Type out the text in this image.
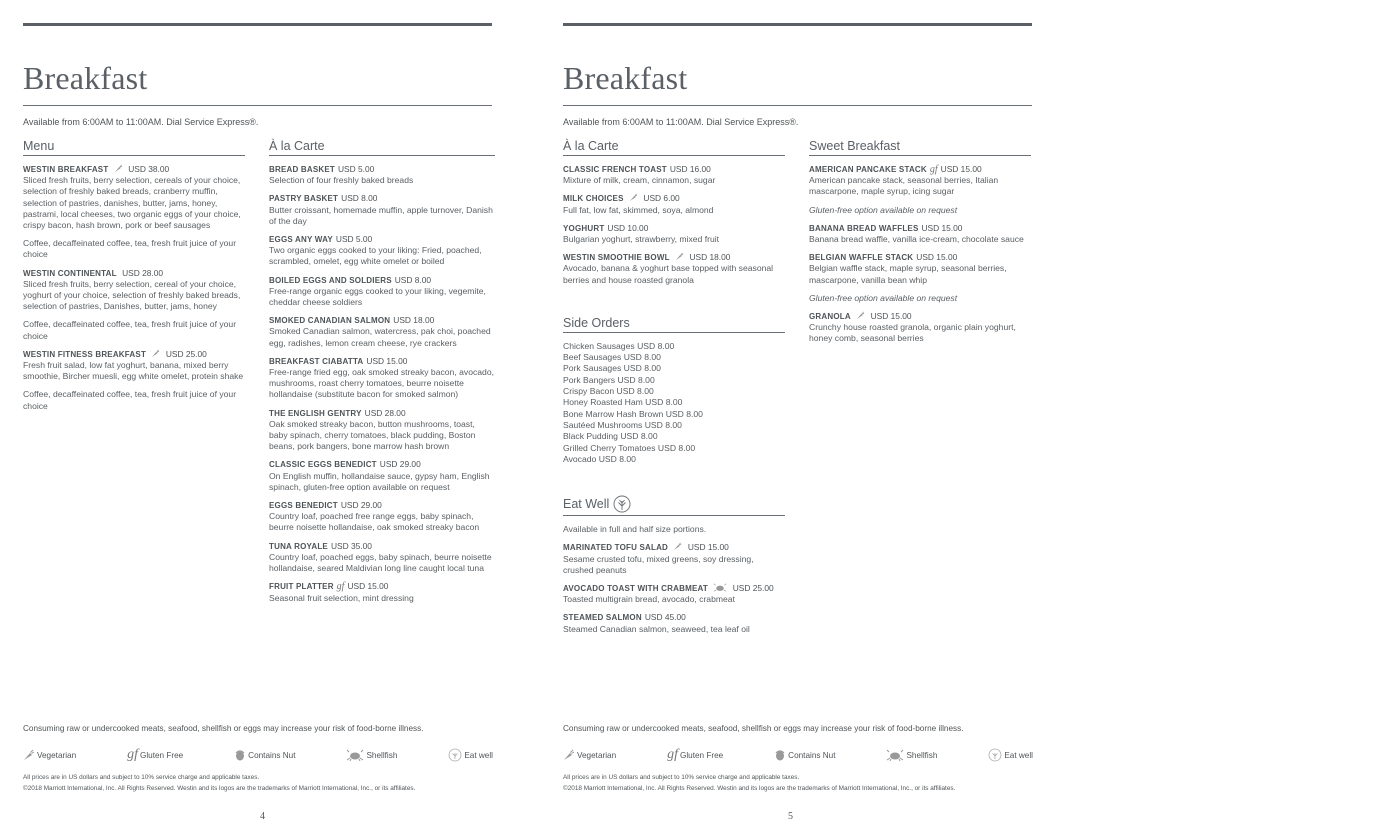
Breakfast
Available from 6:00AM to 11:00AM. Dial Service Express®.
Menu
WESTIN BREAKFAST USD 38.00
Sliced fresh fruits, berry selection, cereals of your choice, selection of freshly baked breads, cranberry muffin, selection of pastries, danishes, butter, jams, honey, pastrami, local cheeses, two organic eggs of your choice, crispy bacon, hash brown, pork or beef sausages
Coffee, decaffeinated coffee, tea, fresh fruit juice of your choice
WESTIN CONTINENTAL USD 28.00
Sliced fresh fruits, berry selection, cereal of your choice, yoghurt of your choice, selection of freshly baked breads, selection of pastries, Danishes, butter, jams, honey
Coffee, decaffeinated coffee, tea, fresh fruit juice of your choice
WESTIN FITNESS BREAKFAST USD 25.00
Fresh fruit salad, low fat yoghurt, banana, mixed berry smoothie, Bircher muesli, egg white omelet, protein shake
Coffee, decaffeinated coffee, tea, fresh fruit juice of your choice
À la Carte
BREAD BASKET USD 5.00
Selection of four freshly baked breads
PASTRY BASKET USD 8.00
Butter croissant, homemade muffin, apple turnover, Danish of the day
EGGS ANY WAY USD 5.00
Two organic eggs cooked to your liking: Fried, poached, scrambled, omelet, egg white omelet or boiled
BOILED EGGS AND SOLDIERS USD 8.00
Free-range organic eggs cooked to your liking, vegemite, cheddar cheese soldiers
SMOKED CANADIAN SALMON USD 18.00
Smoked Canadian salmon, watercress, pak choi, poached egg, radishes, lemon cream cheese, rye crackers
BREAKFAST CIABATTA USD 15.00
Free-range fried egg, oak smoked streaky bacon, avocado, mushrooms, roast cherry tomatoes, beurre noisette hollandaise (substitute bacon for smoked salmon)
THE ENGLISH GENTRY USD 28.00
Oak smoked streaky bacon, button mushrooms, toast, baby spinach, cherry tomatoes, black pudding, Boston beans, pork bangers, bone marrow hash brown
CLASSIC EGGS BENEDICT USD 29.00
On English muffin, hollandaise sauce, gypsy ham, English spinach, gluten-free option available on request
EGGS BENEDICT USD 29.00
Country loaf, poached free range eggs, baby spinach, beurre noisette hollandaise, oak smoked streaky bacon
TUNA ROYALE USD 35.00
Country loaf, poached eggs, baby spinach, beurre noisette hollandaise, seared Maldivian long line caught local tuna
FRUIT PLATTER gf USD 15.00
Seasonal fruit selection, mint dressing
Consuming raw or undercooked meats, seafood, shellfish or eggs may increase your risk of food-borne illness.
Vegetarian	gf Gluten Free	Contains Nut	Shellfish	Eat well
All prices are in US dollars and subject to 10% service charge and applicable taxes.
©2018 Marriott International, Inc. All Rights Reserved. Westin and its logos are the trademarks of Marriott International, Inc., or its affiliates.
4
Breakfast
Available from 6:00AM to 11:00AM. Dial Service Express®.
À la Carte
CLASSIC FRENCH TOAST USD 16.00
Mixture of milk, cream, cinnamon, sugar
MILK CHOICES USD 6.00
Full fat, low fat, skimmed, soya, almond
YOGHURT USD 10.00
Bulgarian yoghurt, strawberry, mixed fruit
WESTIN SMOOTHIE BOWL USD 18.00
Avocado, banana & yoghurt base topped with seasonal berries and house roasted granola
Side Orders
Chicken Sausages USD 8.00
Beef Sausages USD 8.00
Pork Sausages USD 8.00
Pork Bangers USD 8.00
Crispy Bacon USD 8.00
Honey Roasted Ham USD 8.00
Bone Marrow Hash Brown USD 8.00
Sautéed Mushrooms USD 8.00
Black Pudding USD 8.00
Grilled Cherry Tomatoes USD 8.00
Avocado USD 8.00
Eat Well
Available in full and half size portions.
MARINATED TOFU SALAD USD 15.00
Sesame crusted tofu, mixed greens, soy dressing, crushed peanuts
AVOCADO TOAST WITH CRABMEAT	USD 25.00
Toasted multigrain bread, avocado, crabmeat
STEAMED SALMON USD 45.00
Steamed Canadian salmon, seaweed, tea leaf oil
Sweet Breakfast
AMERICAN PANCAKE STACK gf USD 15.00
American pancake stack, seasonal berries, Italian mascarpone, maple syrup, icing sugar
Gluten-free option available on request
BANANA BREAD WAFFLES USD 15.00
Banana bread waffle, vanilla ice-cream, chocolate sauce
BELGIAN WAFFLE STACK USD 15.00
Belgian waffle stack, maple syrup, seasonal berries, mascarpone, vanilla bean whip
Gluten-free option available on request
GRANOLA USD 15.00
Crunchy house roasted granola, organic plain yoghurt, honey comb, seasonal berries
Consuming raw or undercooked meats, seafood, shellfish or eggs may increase your risk of food-borne illness.
Vegetarian	gf Gluten Free	Contains Nut	Shellfish	Eat well
All prices are in US dollars and subject to 10% service charge and applicable taxes.
©2018 Marriott International, Inc. All Rights Reserved. Westin and its logos are the trademarks of Marriott International, Inc., or its affiliates.
5
